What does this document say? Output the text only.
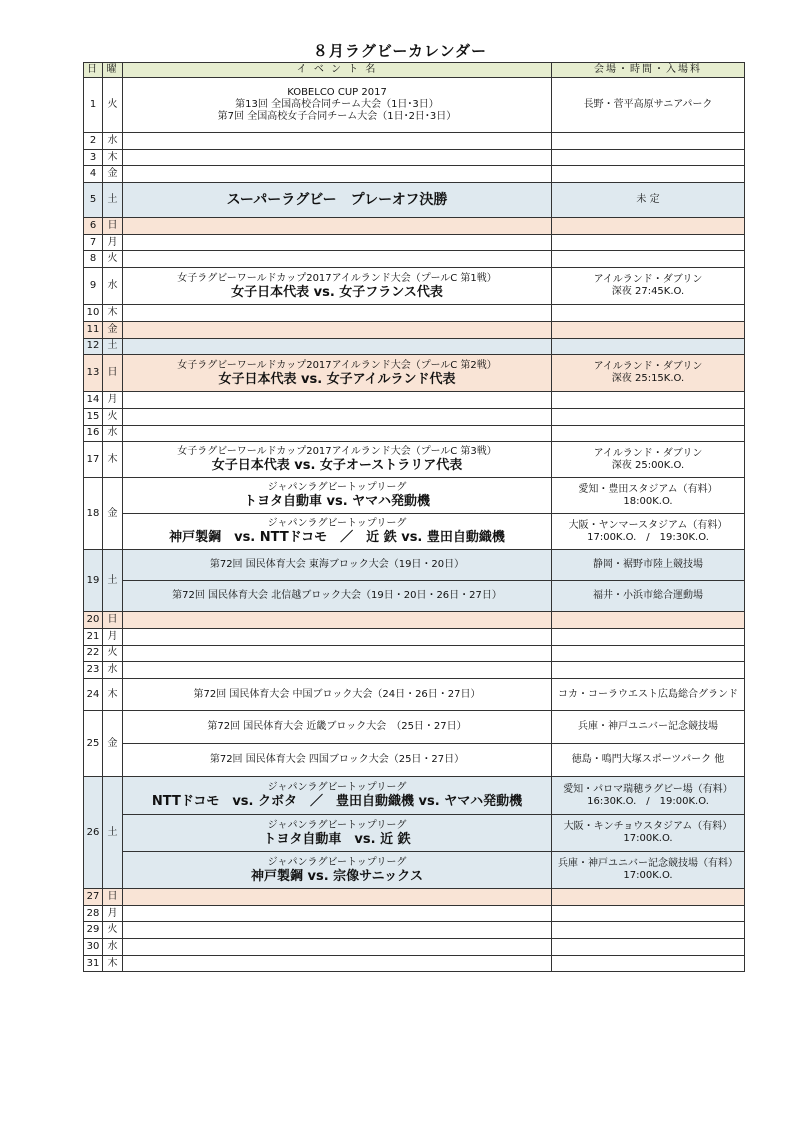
８月ラグビーカレンダー
日	曜	イ ベ ン ト 名	会場・時間・入場料
1	火	KOBELCO CUP 2017
第13回 全国高校合同チーム大会（1日･3日）
第7回 全国高校女子合同チーム大会（1日･2日･3日）	長野・菅平高原サニアパーク

2	水		
3	木		
4	金		
5	土	スーパーラグビー　プレーオフ決勝	未 定

6	日		
7	月		
8	火		
9	水	女子ラグビーワールドカップ2017アイルランド大会（プールC 第1戦）
女子日本代表 vs. 女子フランス代表	アイルランド・ダブリン
深夜 27:45K.O.

10	木		
11	金		
12	土		
13	日	女子ラグビーワールドカップ2017アイルランド大会（プールC 第2戦）
女子日本代表 vs. 女子アイルランド代表	アイルランド・ダブリン
深夜 25:15K.O.

14	月		
15	火		
16	水		
17	木	女子ラグビーワールドカップ2017アイルランド大会（プールC 第3戦）
女子日本代表 vs. 女子オーストラリア代表	アイルランド・ダブリン
深夜 25:00K.O.

18	金	ジャパンラグビートップリーグ
トヨタ自動車 vs. ヤマハ発動機	愛知・豊田スタジアム（有料）
18:00K.O.

		ジャパンラグビートップリーグ
神戸製鋼　vs. NTTドコモ　／　近 鉄 vs. 豊田自動織機	大阪・ヤンマースタジアム（有料）
17:00K.O.　/　19:30K.O.

19	土	第72回 国民体育大会 東海ブロック大会（19日・20日）	静岡・裾野市陸上競技場

		第72回 国民体育大会 北信越ブロック大会（19日・20日・26日・27日）	福井・小浜市総合運動場

20	日		
21	月		
22	火		
23	水		
24	木	第72回 国民体育大会 中国ブロック大会（24日・26日・27日）	コカ・コーラウエスト広島総合グランド

25	金	第72回 国民体育大会 近畿ブロック大会　（25日・27日）	兵庫・神戸ユニバー記念競技場

		第72回 国民体育大会 四国ブロック大会（25日・27日）	徳島・鳴門大塚スポーツパーク 他

26	土	ジャパンラグビートップリーグ
NTTドコモ　vs. クボタ　／　豊田自動織機 vs. ヤマハ発動機	愛知・パロマ瑞穂ラグビー場（有料）
16:30K.O.　/　19:00K.O.

		ジャパンラグビートップリーグ
トヨタ自動車　vs. 近 鉄	大阪・キンチョウスタジアム（有料）
17:00K.O.

		ジャパンラグビートップリーグ
神戸製鋼 vs. 宗像サニックス	兵庫・神戸ユニバー記念競技場（有料）
17:00K.O.

27	日		
28	月		
29	火		
30	水		
31	木		
